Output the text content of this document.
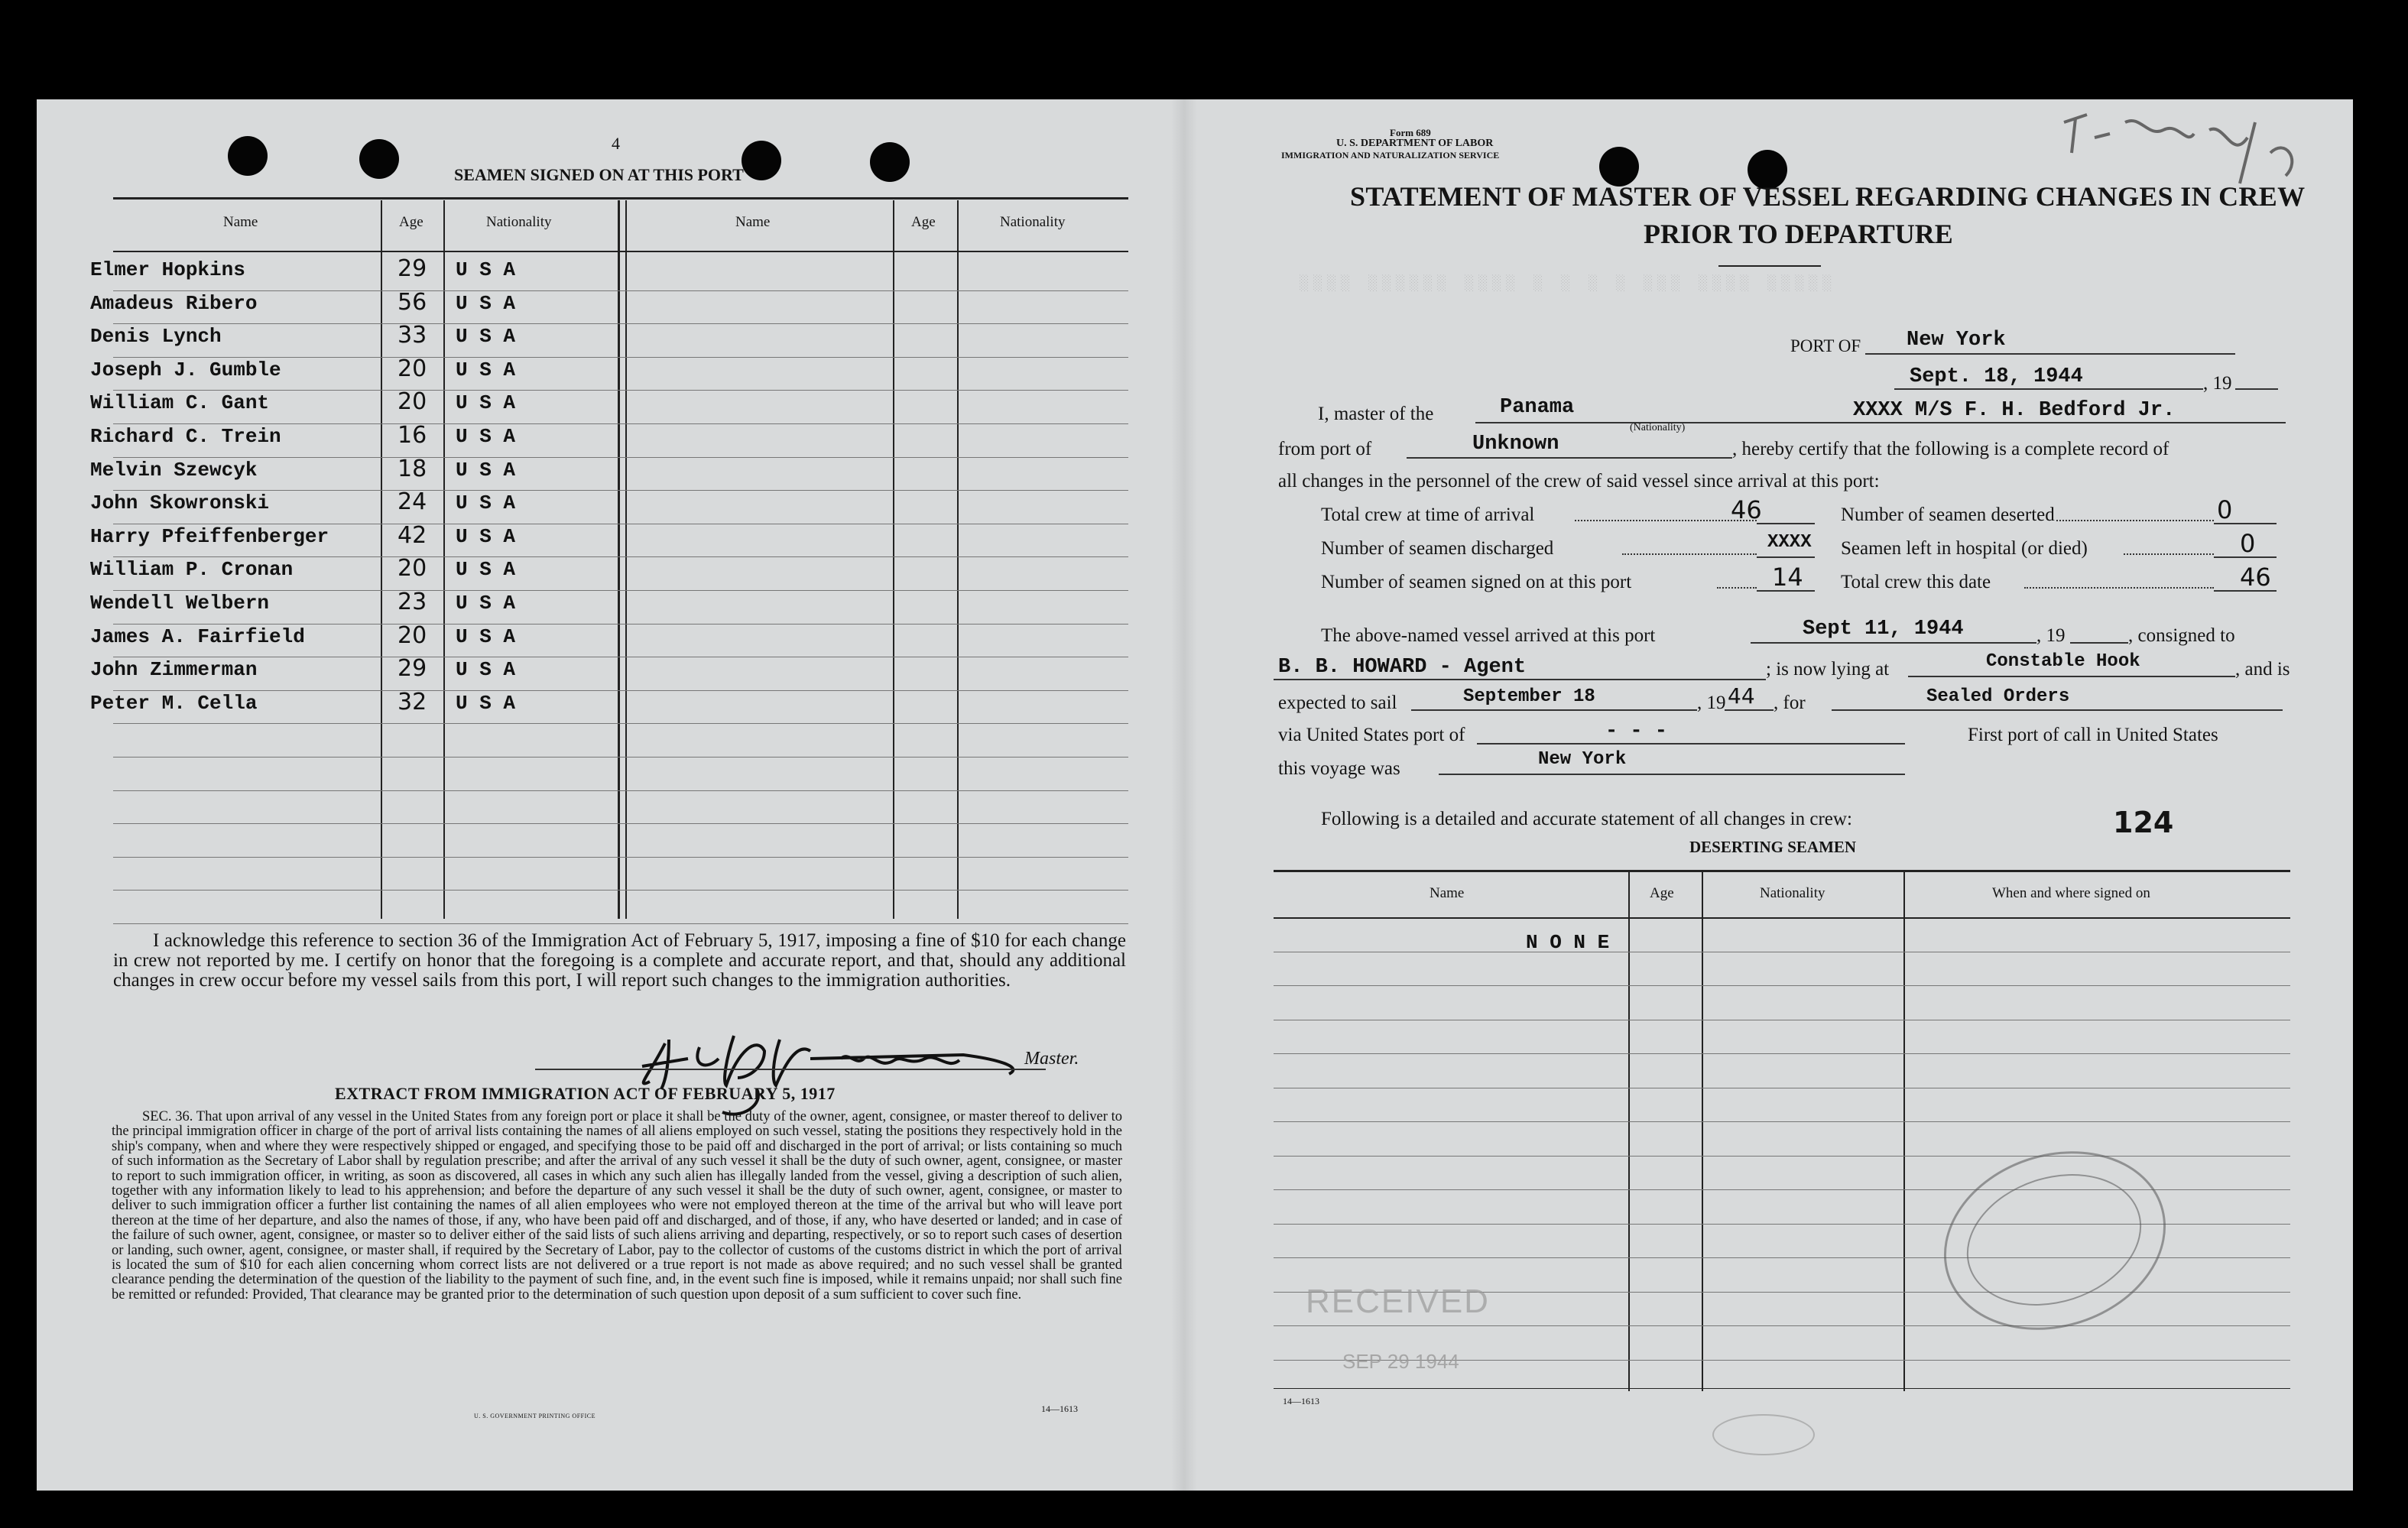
4
SEAMEN SIGNED ON AT THIS PORT
Name	Age	Nationality	Name	Age	Nationality
Elmer Hopkins	29 U S A
Amadeus Ribero	56 U S A
Denis Lynch	33 U S A
Joseph J. Gumble	20 U S A
William C. Gant	20 U S A
Richard C. Trein	16 U S A
Melvin Szewcyk	18 U S A
John Skowronski	24 U S A
Harry Pfeiffenberger	42 U S A
William P. Cronan	20 U S A
Wendell Welbern	23 U S A
James A. Fairfield	20 U S A
John Zimmerman	29 U S A
Peter M. Cella	32 U S A
I acknowledge this reference to section 36 of the Immigration Act of February 5, 1917, imposing a fine of $10 for each change in crew not reported by me. I certify on honor that the foregoing is a complete and accurate report, and that, should any additional changes in crew occur before my vessel sails from this port, I will report such changes to the immigration authorities.
Master.
EXTRACT FROM IMMIGRATION ACT OF FEBRUARY 5, 1917
SEC. 36. That upon arrival of any vessel in the United States from any foreign port or place it shall be the duty of the owner, agent, consignee, or master thereof to deliver to the principal immigration officer in charge of the port of arrival lists containing the names of all aliens employed on such vessel, stating the positions they respectively hold in the ship's company, when and where they were respectively shipped or engaged, and specifying those to be paid off and discharged in the port of arrival; or lists containing so much of such information as the Secretary of Labor shall by regulation prescribe; and after the arrival of any such vessel it shall be the duty of such owner, agent, consignee, or master to report to such immigration officer, in writing, as soon as discovered, all cases in which any such alien has illegally landed from the vessel, giving a description of such alien, together with any information likely to lead to his apprehension; and before the departure of any such vessel it shall be the duty of such owner, agent, consignee, or master to deliver to such immigration officer a further list containing the names of all alien employees who were not employed thereon at the time of the arrival but who will leave port thereon at the time of her departure, and also the names of those, if any, who have been paid off and discharged, and of those, if any, who have deserted or landed; and in case of the failure of such owner, agent, consignee, or master so to deliver either of the said lists of such aliens arriving and departing, respectively, or so to report such cases of desertion or landing, such owner, agent, consignee, or master shall, if required by the Secretary of Labor, pay to the collector of customs of the customs district in which the port of arrival is located the sum of $10 for each alien concerning whom correct lists are not delivered or a true report is not made as above required; and no such vessel shall be granted clearance pending the determination of the question of the liability to the payment of such fine, and, in the event such fine is imposed, while it remains unpaid; nor shall such fine be remitted or refunded: Provided, That clearance may be granted prior to the determination of such question upon deposit of a sum sufficient to cover such fine.
U. S. GOVERNMENT PRINTING OFFICE
14—1613
Form 689
U. S. DEPARTMENT OF LABOR
IMMIGRATION AND NATURALIZATION SERVICE
STATEMENT OF MASTER OF VESSEL REGARDING CHANGES IN CREW
PRIOR TO DEPARTURE
░░░░ ░░░░░░ ░░░░ ░ ░ ░ ░ ░░░ ░░░░ ░░░░░
PORT OF New York
Sept. 18, 1944	, 19
I, master of the	Panama
(Nationality)
XXXX M/S F. H. Bedford Jr.
from port of	Unknown	, hereby certify that the following is a complete record of
all changes in the personnel of the crew of said vessel since arrival at this port:
Total crew at time of arrival	46	Number of seamen deserted	0
Number of seamen discharged	XXXX Seamen left in hospital (or died)	0
Number of seamen signed on at this port	14 Total crew this date	46
The above-named vessel arrived at this port	Sept 11, 1944	, 19	, consigned to
B. B. HOWARD - Agent	; is now lying at	Constable Hook	, and is
expected to sail	September 18	, 19 44 , for	Sealed Orders
via United States port of	- - -	First port of call in United States
this voyage was	New York
Following is a detailed and accurate statement of all changes in crew:	124
DESERTING SEAMEN
Name	Age	Nationality	When and where signed on
N O N E
RECEIVED
SEP 29 1944
14—1613
